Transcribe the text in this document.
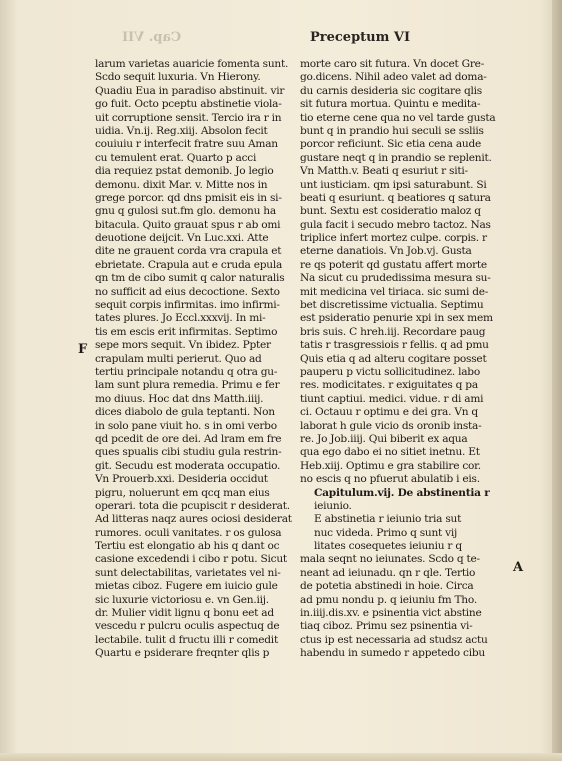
Cap. VII	Preceptum VI
F
A
larum varietas auaricie fomenta sunt.
Scdo sequit luxuria. Vn Hierony.
Quadiu Eua in paradiso abstinuit. vir
go fuit. Octo pceptu abstinetie viola-
uit corruptione sensit. Tercio ira r in
uidia. Vn.ij. Reg.xiij. Absolon fecit
couiuiu r interfecit fratre suu Aman
cu temulent erat. Quarto p acci
dia requiez pstat demonib. Jo legio
demonu. dixit Mar. v. Mitte nos in
grege porcor. qd dns pmisit eis in si-
gnu q gulosi sut.fm glo. demonu ha
bitacula. Quito grauat spus r ab omi
deuotione deijcit. Vn Luc.xxi. Atte
dite ne grauent corda vra crapula et
ebrietate. Crapula aut e cruda epula
qn tm de cibo sumit q calor naturalis
no sufficit ad eius decoctione. Sexto
sequit corpis infirmitas. imo infirmi-
tates plures. Jo Eccl.xxxvij. In mi-
tis em escis erit infirmitas. Septimo
sepe mors sequit. Vn ibidez. Ppter
crapulam multi perierut. Quo ad
tertiu principale notandu q otra gu-
lam sunt plura remedia. Primu e fer
mo diuus. Hoc dat dns Matth.iiij.
dices diabolo de gula teptanti. Non
in solo pane viuit ho. s in omi verbo
qd pcedit de ore dei. Ad lram em fre
ques spualis cibi studiu gula restrin-
git. Secudu est moderata occupatio.
Vn Prouerb.xxi. Desideria occidut
pigru, noluerunt em qcq man eius
operari. tota die pcupiscit r desiderat.
Ad litteras naqz aures ociosi desiderat
rumores. oculi vanitates. r os gulosa
Tertiu est elongatio ab his q dant oc
casione excedendi i cibo r potu. Sicut
sunt delectabilitas, varietates vel ni-
mietas ciboz. Fugere em iuicio gule
sic luxurie victoriosu e. vn Gen.iij.
dr. Mulier vidit lignu q bonu eet ad
vescedu r pulcru oculis aspectuq de
lectabile. tulit d fructu illi r comedit
Quartu e psiderare freqnter qlis p
morte caro sit futura. Vn docet Gre-
go.dicens. Nihil adeo valet ad doma-
du carnis desideria sic cogitare qlis
sit futura mortua. Quintu e medita-
tio eterne cene qua no vel tarde gusta
bunt q in prandio hui seculi se ssliis
porcor reficiunt. Sic etia cena aude
gustare neqt q in prandio se replenit.
Vn Matth.v. Beati q esuriut r siti-
unt iusticiam. qm ipsi saturabunt. Si
beati q esuriunt. q beatiores q satura
bunt. Sextu est cosideratio maloz q
gula facit i secudo mebro tactoz. Nas
triplice infert mortez culpe. corpis. r
eterne danatiois. Vn Job.vj. Gusta
re qs poterit qd gustatu affert morte
Na sicut cu prudedissima mesura su-
mit medicina vel tiriaca. sic sumi de-
bet discretissime victualia. Septimu
est psideratio penurie xpi in sex mem
bris suis. C hreh.iij. Recordare paug
tatis r trasgressiois r fellis. q ad pmu
Quis etia q ad alteru cogitare posset
pauperu p victu sollicitudinez. labo
res. modicitates. r exiguitates q pa
tiunt captiui. medici. vidue. r di ami
ci. Octauu r optimu e dei gra. Vn q
laborat h gule vicio ds oronib insta-
re. Jo Job.iiij. Qui biberit ex aqua
qua ego dabo ei no sitiet inetnu. Et
Heb.xiij. Optimu e gra stabilire cor.
no escis q no pfuerut abulatib i eis.
Capitulum.vij. De abstinentia r
ieiunio.
E abstinetia r ieiunio tria sut
nuc videda. Primo q sunt vij
litates cosequetes ieiuniu r q
mala seqnt no ieiunates. Scdo q te-
neant ad ieiunadu. qn r qle. Tertio
de potetia abstinedi in hoie. Circa
ad pmu nondu p. q ieiuniu fm Tho.
in.iiij.dis.xv. e psinentia vict abstine
tiaq ciboz. Primu sez psinentia vi-
ctus ip est necessaria ad studsz actu
habendu in sumedo r appetedo cibu
